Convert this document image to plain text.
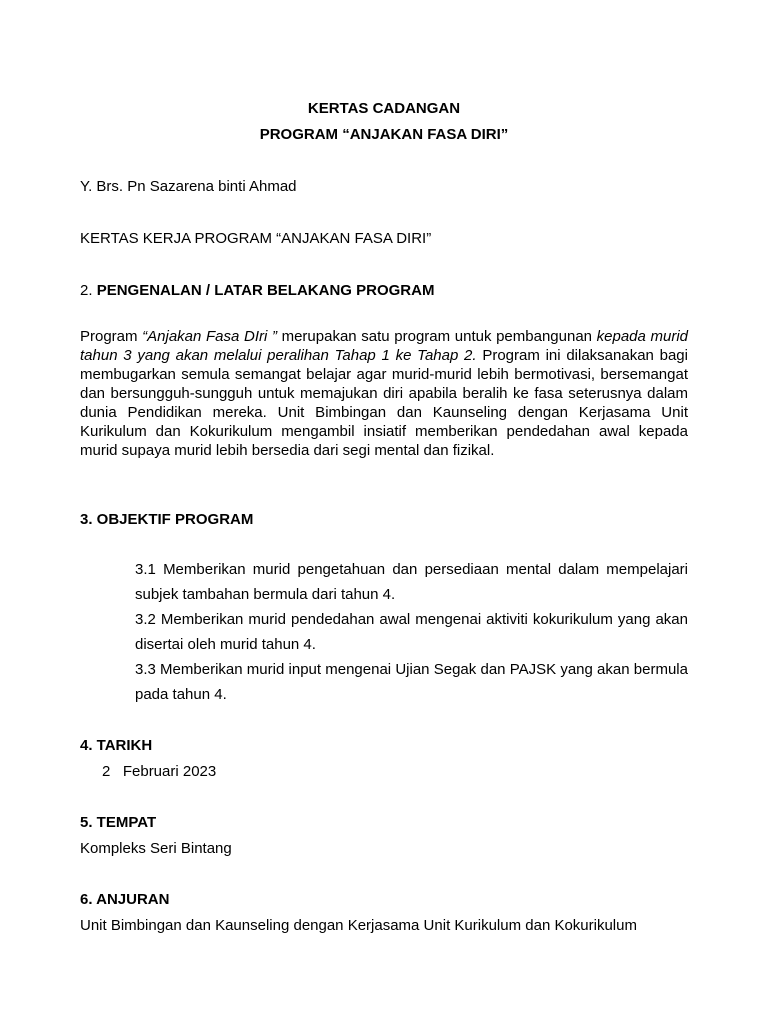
KERTAS CADANGAN

PROGRAM “ANJAKAN FASA DIRI”

Y. Brs. Pn Sazarena binti Ahmad

KERTAS KERJA PROGRAM “ANJAKAN FASA DIRI”

2. PENGENALAN / LATAR BELAKANG PROGRAM

Program “Anjakan Fasa DIri ” merupakan satu program untuk pembangunan kepada murid tahun 3 yang akan melalui peralihan Tahap 1 ke Tahap 2. Program ini dilaksanakan bagi membugarkan semula semangat belajar agar murid-murid lebih bermotivasi, bersemangat dan bersungguh-sungguh untuk memajukan diri apabila beralih ke fasa seterusnya dalam dunia Pendidikan mereka. Unit Bimbingan dan Kaunseling dengan Kerjasama Unit Kurikulum dan Kokurikulum mengambil insiatif memberikan pendedahan awal kepada murid supaya murid lebih bersedia dari segi mental dan fizikal.

3. OBJEKTIF PROGRAM

3.1 Memberikan murid pengetahuan dan persediaan mental dalam mempelajari subjek tambahan bermula dari tahun 4.

3.2 Memberikan murid pendedahan awal mengenai aktiviti kokurikulum yang akan disertai oleh murid tahun 4.

3.3 Memberikan murid input mengenai Ujian Segak dan PAJSK yang akan bermula pada tahun 4.

4. TARIKH

2   Februari 2023

5. TEMPAT

Kompleks Seri Bintang

6. ANJURAN

Unit Bimbingan dan Kaunseling dengan Kerjasama Unit Kurikulum dan Kokurikulum
